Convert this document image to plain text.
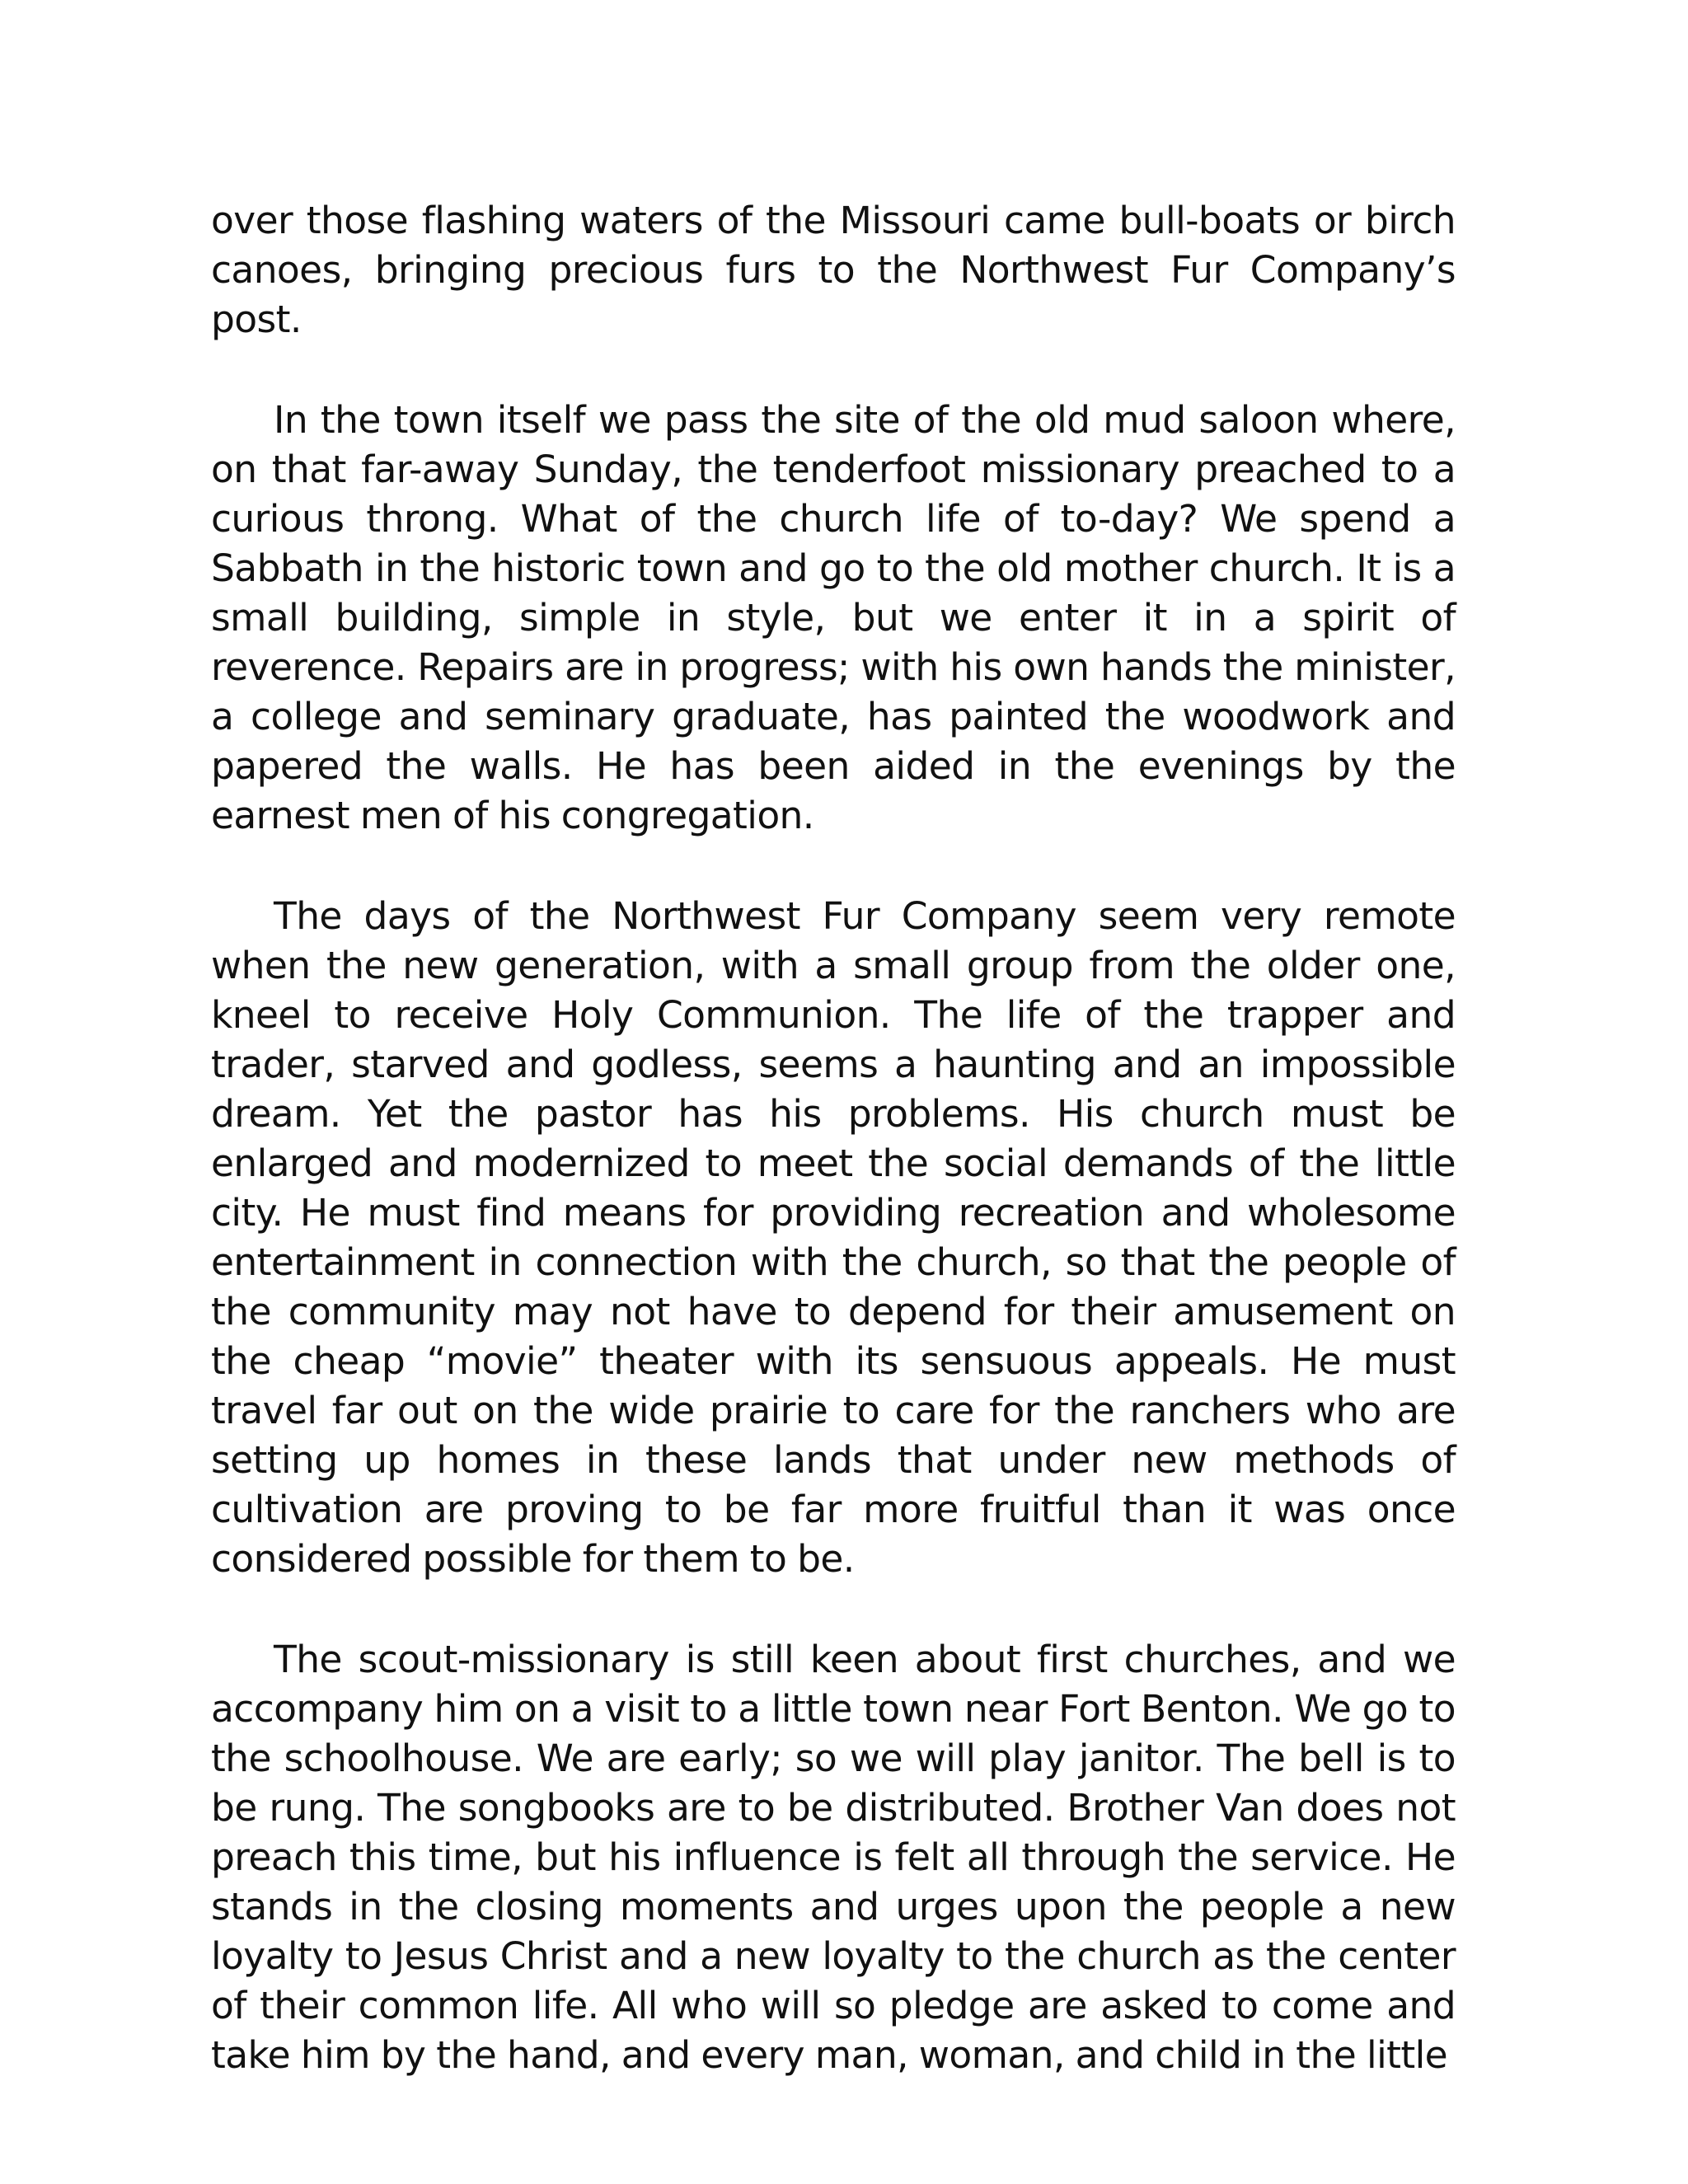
over those flashing waters of the Missouri came bull-boats or birch canoes, bringing precious furs to the Northwest Fur Company’s post.

In the town itself we pass the site of the old mud saloon where, on that far-away Sunday, the tenderfoot missionary preached to a curious throng. What of the church life of to-day? We spend a Sabbath in the historic town and go to the old mother church. It is a small building, simple in style, but we enter it in a spirit of reverence. Repairs are in progress; with his own hands the minister, a college and seminary graduate, has painted the woodwork and papered the walls. He has been aided in the evenings by the earnest men of his congregation.

The days of the Northwest Fur Company seem very remote when the new generation, with a small group from the older one, kneel to receive Holy Communion. The life of the trapper and trader, starved and godless, seems a haunting and an impossible dream. Yet the pastor has his problems. His church must be enlarged and modernized to meet the social demands of the little city. He must find means for providing recreation and wholesome entertainment in connection with the church, so that the people of the community may not have to depend for their amusement on the cheap “movie” theater with its sensuous appeals. He must travel far out on the wide prairie to care for the ranchers who are setting up homes in these lands that under new methods of cultivation are proving to be far more fruitful than it was once considered possible for them to be.

The scout-missionary is still keen about first churches, and we accompany him on a visit to a little town near Fort Benton. We go to the schoolhouse. We are early; so we will play janitor. The bell is to be rung. The songbooks are to be distributed. Brother Van does not preach this time, but his influence is felt all through the service. He stands in the closing moments and urges upon the people a new loyalty to Jesus Christ and a new loyalty to the church as the center of their common life. All who will so pledge are asked to come and take him by the hand, and every man, woman, and child in the little
